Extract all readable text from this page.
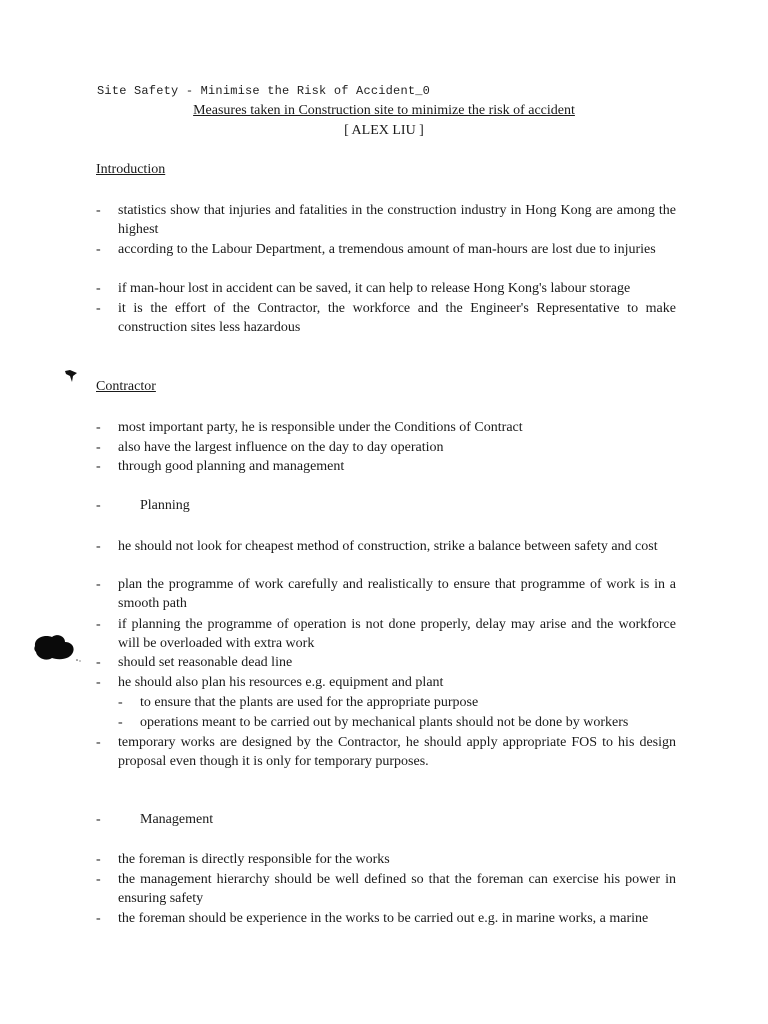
Site Safety - Minimise the Risk of Accident_0
Measures taken in Construction site to minimize the risk of accident
[ ALEX LIU ]
Introduction
- statistics show that injuries and fatalities in the construction industry in Hong Kong are among the highest
- according to the Labour Department, a tremendous amount of man-hours are lost due to injuries
- if man-hour lost in accident can be saved, it can help to release Hong Kong's labour storage
- it is the effort of the Contractor, the workforce and the Engineer's Representative to make construction sites less hazardous
Contractor
- most important party, he is responsible under the Conditions of Contract
- also have the largest influence on the day to day operation
- through good planning and management
-	Planning
- he should not look for cheapest method of construction, strike a balance between safety and cost
- plan the programme of work carefully and realistically to ensure that programme of work is in a smooth path
- if planning the programme of operation is not done properly, delay may arise and the workforce will be overloaded with extra work
- should set reasonable dead line
- he should also plan his resources e.g. equipment and plant
- to ensure that the plants are used for the appropriate purpose
- operations meant to be carried out by mechanical plants should not be done by workers
- temporary works are designed by the Contractor, he should apply appropriate FOS to his design proposal even though it is only for temporary purposes.
-	Management
- the foreman is directly responsible for the works
- the management hierarchy should be well defined so that the foreman can exercise his power in ensuring safety
- the foreman should be experience in the works to be carried out e.g. in marine works, a marine
